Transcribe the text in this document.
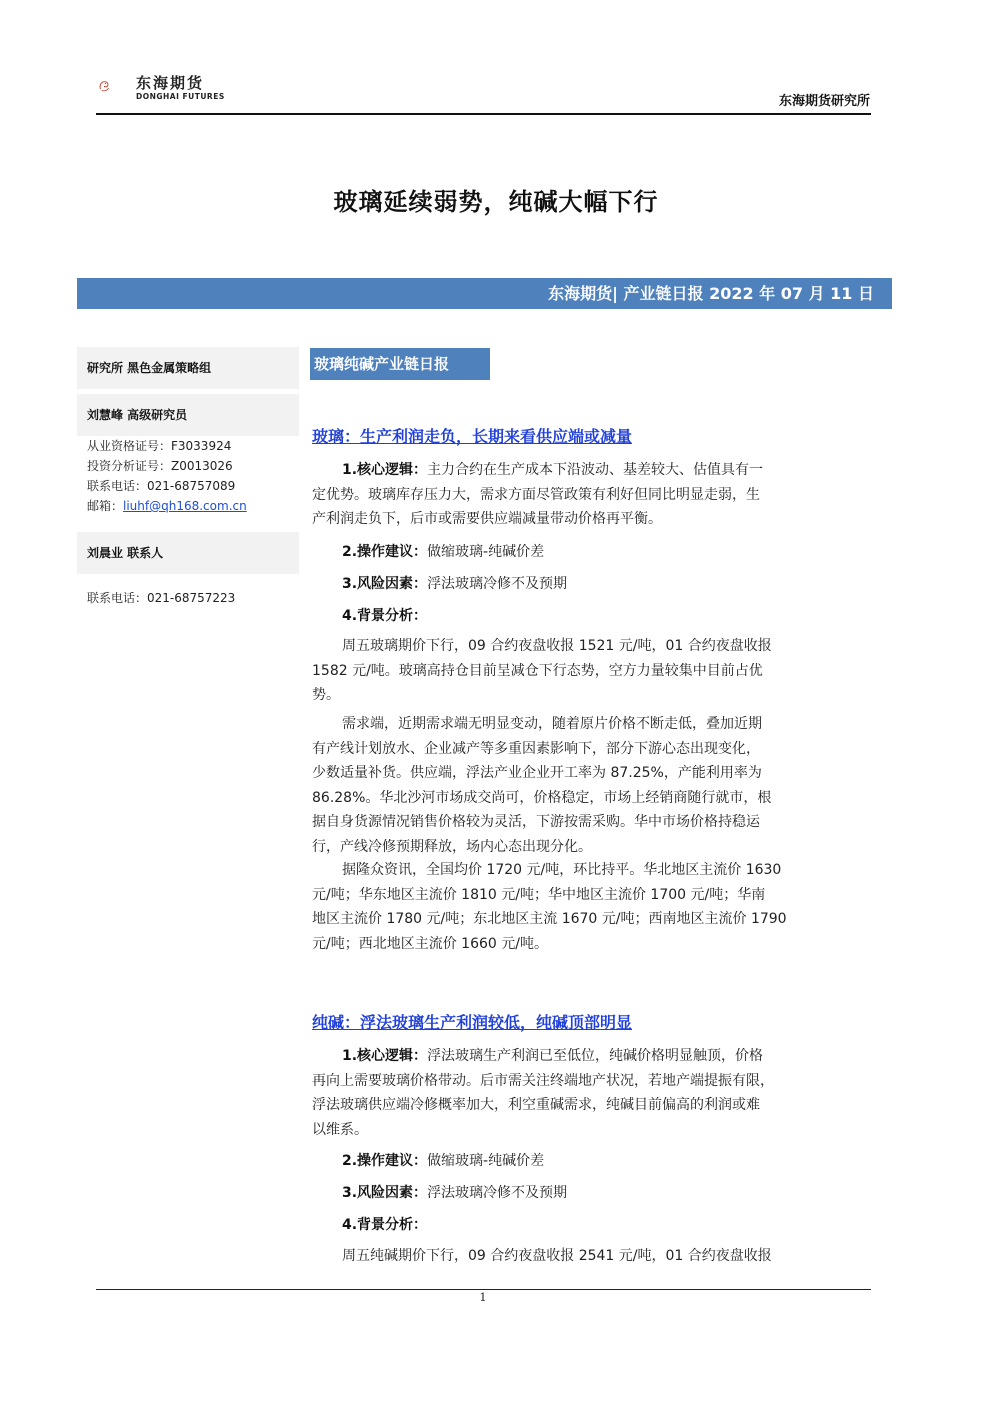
东海期货
DONGHAI FUTURES	东海期货研究所
玻璃延续弱势，纯碱大幅下行
东海期货| 产业链日报 2022 年 07 月 11 日
研究所 黑色金属策略组
刘慧峰 高级研究员
从业资格证号：F3033924
投资分析证号：Z0013026
联系电话：021-68757089
邮箱：liuhf@qh168.com.cn
刘晨业 联系人
联系电话：021-68757223
玻璃纯碱产业链日报
玻璃：生产利润走负，长期来看供应端或减量
1.核心逻辑：主力合约在生产成本下沿波动、基差较大、估值具有一
定优势。玻璃库存压力大，需求方面尽管政策有利好但同比明显走弱，生
产利润走负下，后市或需要供应端减量带动价格再平衡。
2.操作建议：做缩玻璃-纯碱价差
3.风险因素：浮法玻璃冷修不及预期
4.背景分析：
周五玻璃期价下行，09 合约夜盘收报 1521 元/吨，01 合约夜盘收报
1582 元/吨。玻璃高持仓目前呈减仓下行态势，空方力量较集中目前占优
势。
需求端，近期需求端无明显变动，随着原片价格不断走低，叠加近期
有产线计划放水、企业减产等多重因素影响下，部分下游心态出现变化，
少数适量补货。供应端，浮法产业企业开工率为 87.25%，产能利用率为
86.28%。华北沙河市场成交尚可，价格稳定，市场上经销商随行就市，根
据自身货源情况销售价格较为灵活，下游按需采购。华中市场价格持稳运
行，产线冷修预期释放，场内心态出现分化。
据隆众资讯，全国均价 1720 元/吨，环比持平。华北地区主流价 1630
元/吨；华东地区主流价 1810 元/吨；华中地区主流价 1700 元/吨；华南
地区主流价 1780 元/吨；东北地区主流 1670 元/吨；西南地区主流价 1790
元/吨；西北地区主流价 1660 元/吨。
纯碱：浮法玻璃生产利润较低，纯碱顶部明显
1.核心逻辑：浮法玻璃生产利润已至低位，纯碱价格明显触顶，价格
再向上需要玻璃价格带动。后市需关注终端地产状况，若地产端提振有限，
浮法玻璃供应端冷修概率加大，利空重碱需求，纯碱目前偏高的利润或难
以维系。
2.操作建议：做缩玻璃-纯碱价差
3.风险因素：浮法玻璃冷修不及预期
4.背景分析：
周五纯碱期价下行，09 合约夜盘收报 2541 元/吨，01 合约夜盘收报
1
